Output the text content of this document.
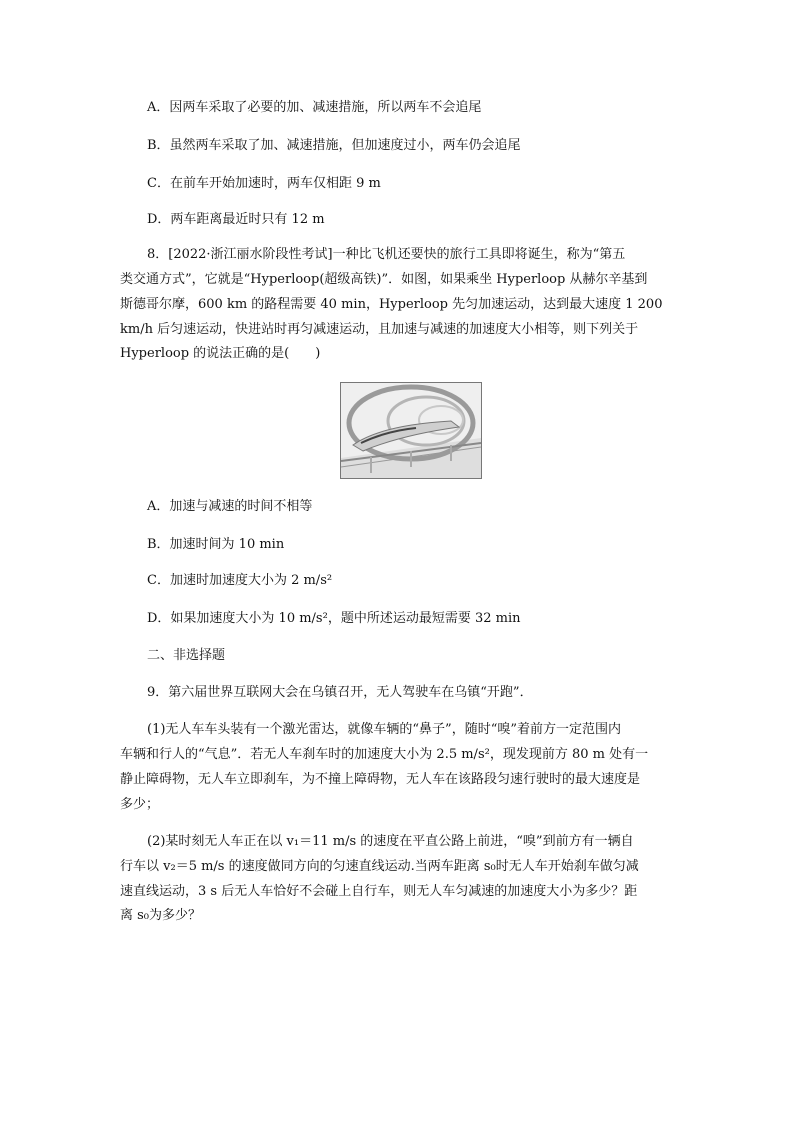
A．因两车采取了必要的加、减速措施，所以两车不会追尾
B．虽然两车采取了加、减速措施，但加速度过小，两车仍会追尾
C．在前车开始加速时，两车仅相距 9 m
D．两车距离最近时只有 12 m
8．[2022·浙江丽水阶段性考试]一种比飞机还要快的旅行工具即将诞生，称为“第五
类交通方式”，它就是“Hyperloop(超级高铁)”．如图，如果乘坐 Hyperloop 从赫尔辛基到
斯德哥尔摩，600 km 的路程需要 40 min，Hyperloop 先匀加速运动，达到最大速度 1 200
km/h 后匀速运动，快进站时再匀减速运动，且加速与减速的加速度大小相等，则下列关于
Hyperloop 的说法正确的是(　　)
A．加速与减速的时间不相等
B．加速时间为 10 min
C．加速时加速度大小为 2 m/s²
D．如果加速度大小为 10 m/s²，题中所述运动最短需要 32 min
二、非选择题
9．第六届世界互联网大会在乌镇召开，无人驾驶车在乌镇“开跑”．
(1)无人车车头装有一个激光雷达，就像车辆的“鼻子”，随时“嗅”着前方一定范围内
车辆和行人的“气息”．若无人车刹车时的加速度大小为 2.5 m/s²，现发现前方 80 m 处有一
静止障碍物，无人车立即刹车，为不撞上障碍物，无人车在该路段匀速行驶时的最大速度是
多少；
(2)某时刻无人车正在以 v₁＝11 m/s 的速度在平直公路上前进，“嗅”到前方有一辆自
行车以 v₂＝5 m/s 的速度做同方向的匀速直线运动.当两车距离 s₀时无人车开始刹车做匀减
速直线运动，3 s 后无人车恰好不会碰上自行车，则无人车匀减速的加速度大小为多少？距
离 s₀为多少？
